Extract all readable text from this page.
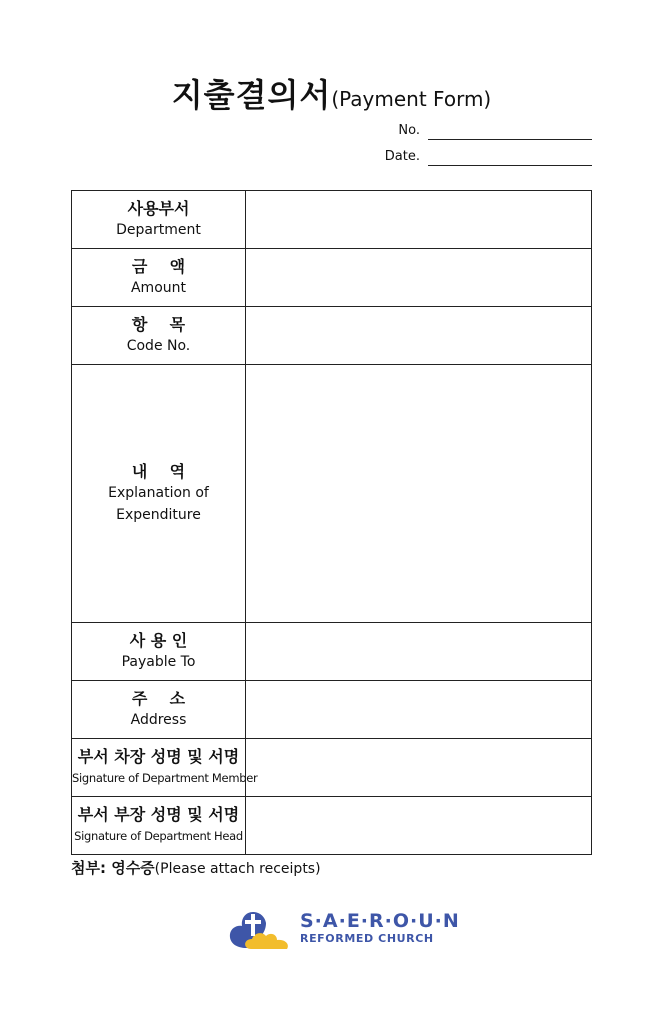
지출결의서(Payment Form)
No.
Date.
사용부서
Department	

금    액
Amount	

항    목
Code No.	

내    역
Explanation of Expenditure	

사 용 인
Payable To	

주    소
Address	

부서 차장 성명 및 서명
Signature of Department Member	

부서 부장 성명 및 서명
Signature of Department Head	

첨부: 영수증(Please attach receipts)
S·A·E·R·O·U·N
REFORMED CHURCH
